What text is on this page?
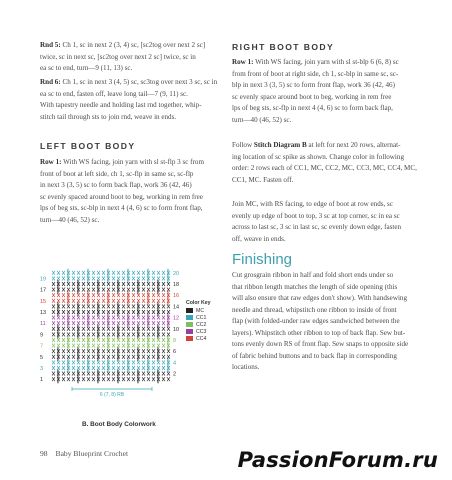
Rnd 5: Ch 1, sc in next 2 (3, 4) sc, [sc2tog over next 2 sc]

twice, sc in next sc, [sc2tog over next 2 sc] twice, sc in

ea sc to end, turn—9 (11, 13) sc.

Rnd 6: Ch 1, sc in next 3 (4, 5) sc, sc3tog over next 3 sc, sc in

ea sc to end, fasten off, leave long tail—7 (9, 11) sc.

With tapestry needle and holding last rnd together, whip-

stitch tail through sts to join rnd, weave in ends.

LEFT BOOT BODY

Row 1: With WS facing, join yarn with sl st-flp 3 sc from

front of boot at left side, ch 1, sc-flp in same sc, sc-flp

in next 3 (3, 5) sc to form back flap, work 36 (42, 46)

sc evenly spaced around boot to beg, working in rem free

lps of beg sts, sc-blp in next 4 (4, 6) sc to form front flap,

turn—40 (46, 52) sc.

20
18
16
14
12
10
8
6
4
2
19
17
15
13
11
9
7
5
3
1
6 (7, 8) RB
Color Key
MC
CC1
CC2
CC3
CC4
B. Boot Body Colorwork
RIGHT BOOT BODY

Row 1: With WS facing, join yarn with sl st-blp 6 (6, 8) sc

from front of boot at right side, ch 1, sc-blp in same sc, sc-

blp in next 3 (3, 5) sc to form front flap, work 36 (42, 46)

sc evenly space around boot to beg, working in rem free

lps of beg sts, sc-flp in next 4 (4, 6) sc to form back flap,

turn—40 (46, 52) sc.

Follow Stitch Diagram B at left for next 20 rows, alternat-

ing location of sc spike as shown. Change color in following

order: 2 rows each of CC1, MC, CC2, MC, CC3, MC, CC4, MC,

CC1, MC. Fasten off.

Join MC, with RS facing, to edge of boot at row ends, sc

evenly up edge of boot to top, 3 sc at top corner, sc in ea sc

across to last sc, 3 sc in last sc, sc evenly down edge, fasten

off, weave in ends.

Finishing

Cut grosgrain ribbon in half and fold short ends under so

that ribbon length matches the length of side opening (this

will also ensure that raw edges don't show). With handsewing

needle and thread, whipstitch one ribbon to inside of front

flap (with folded-under raw edges sandwiched between the

layers). Whipstitch other ribbon to top of back flap. Sew but-

tons evenly down RS of front flap. Sew snaps to opposite side

of fabric behind buttons and to back flap in corresponding

locations.

98 Baby Blueprint Crochet	PassionForum.ru
